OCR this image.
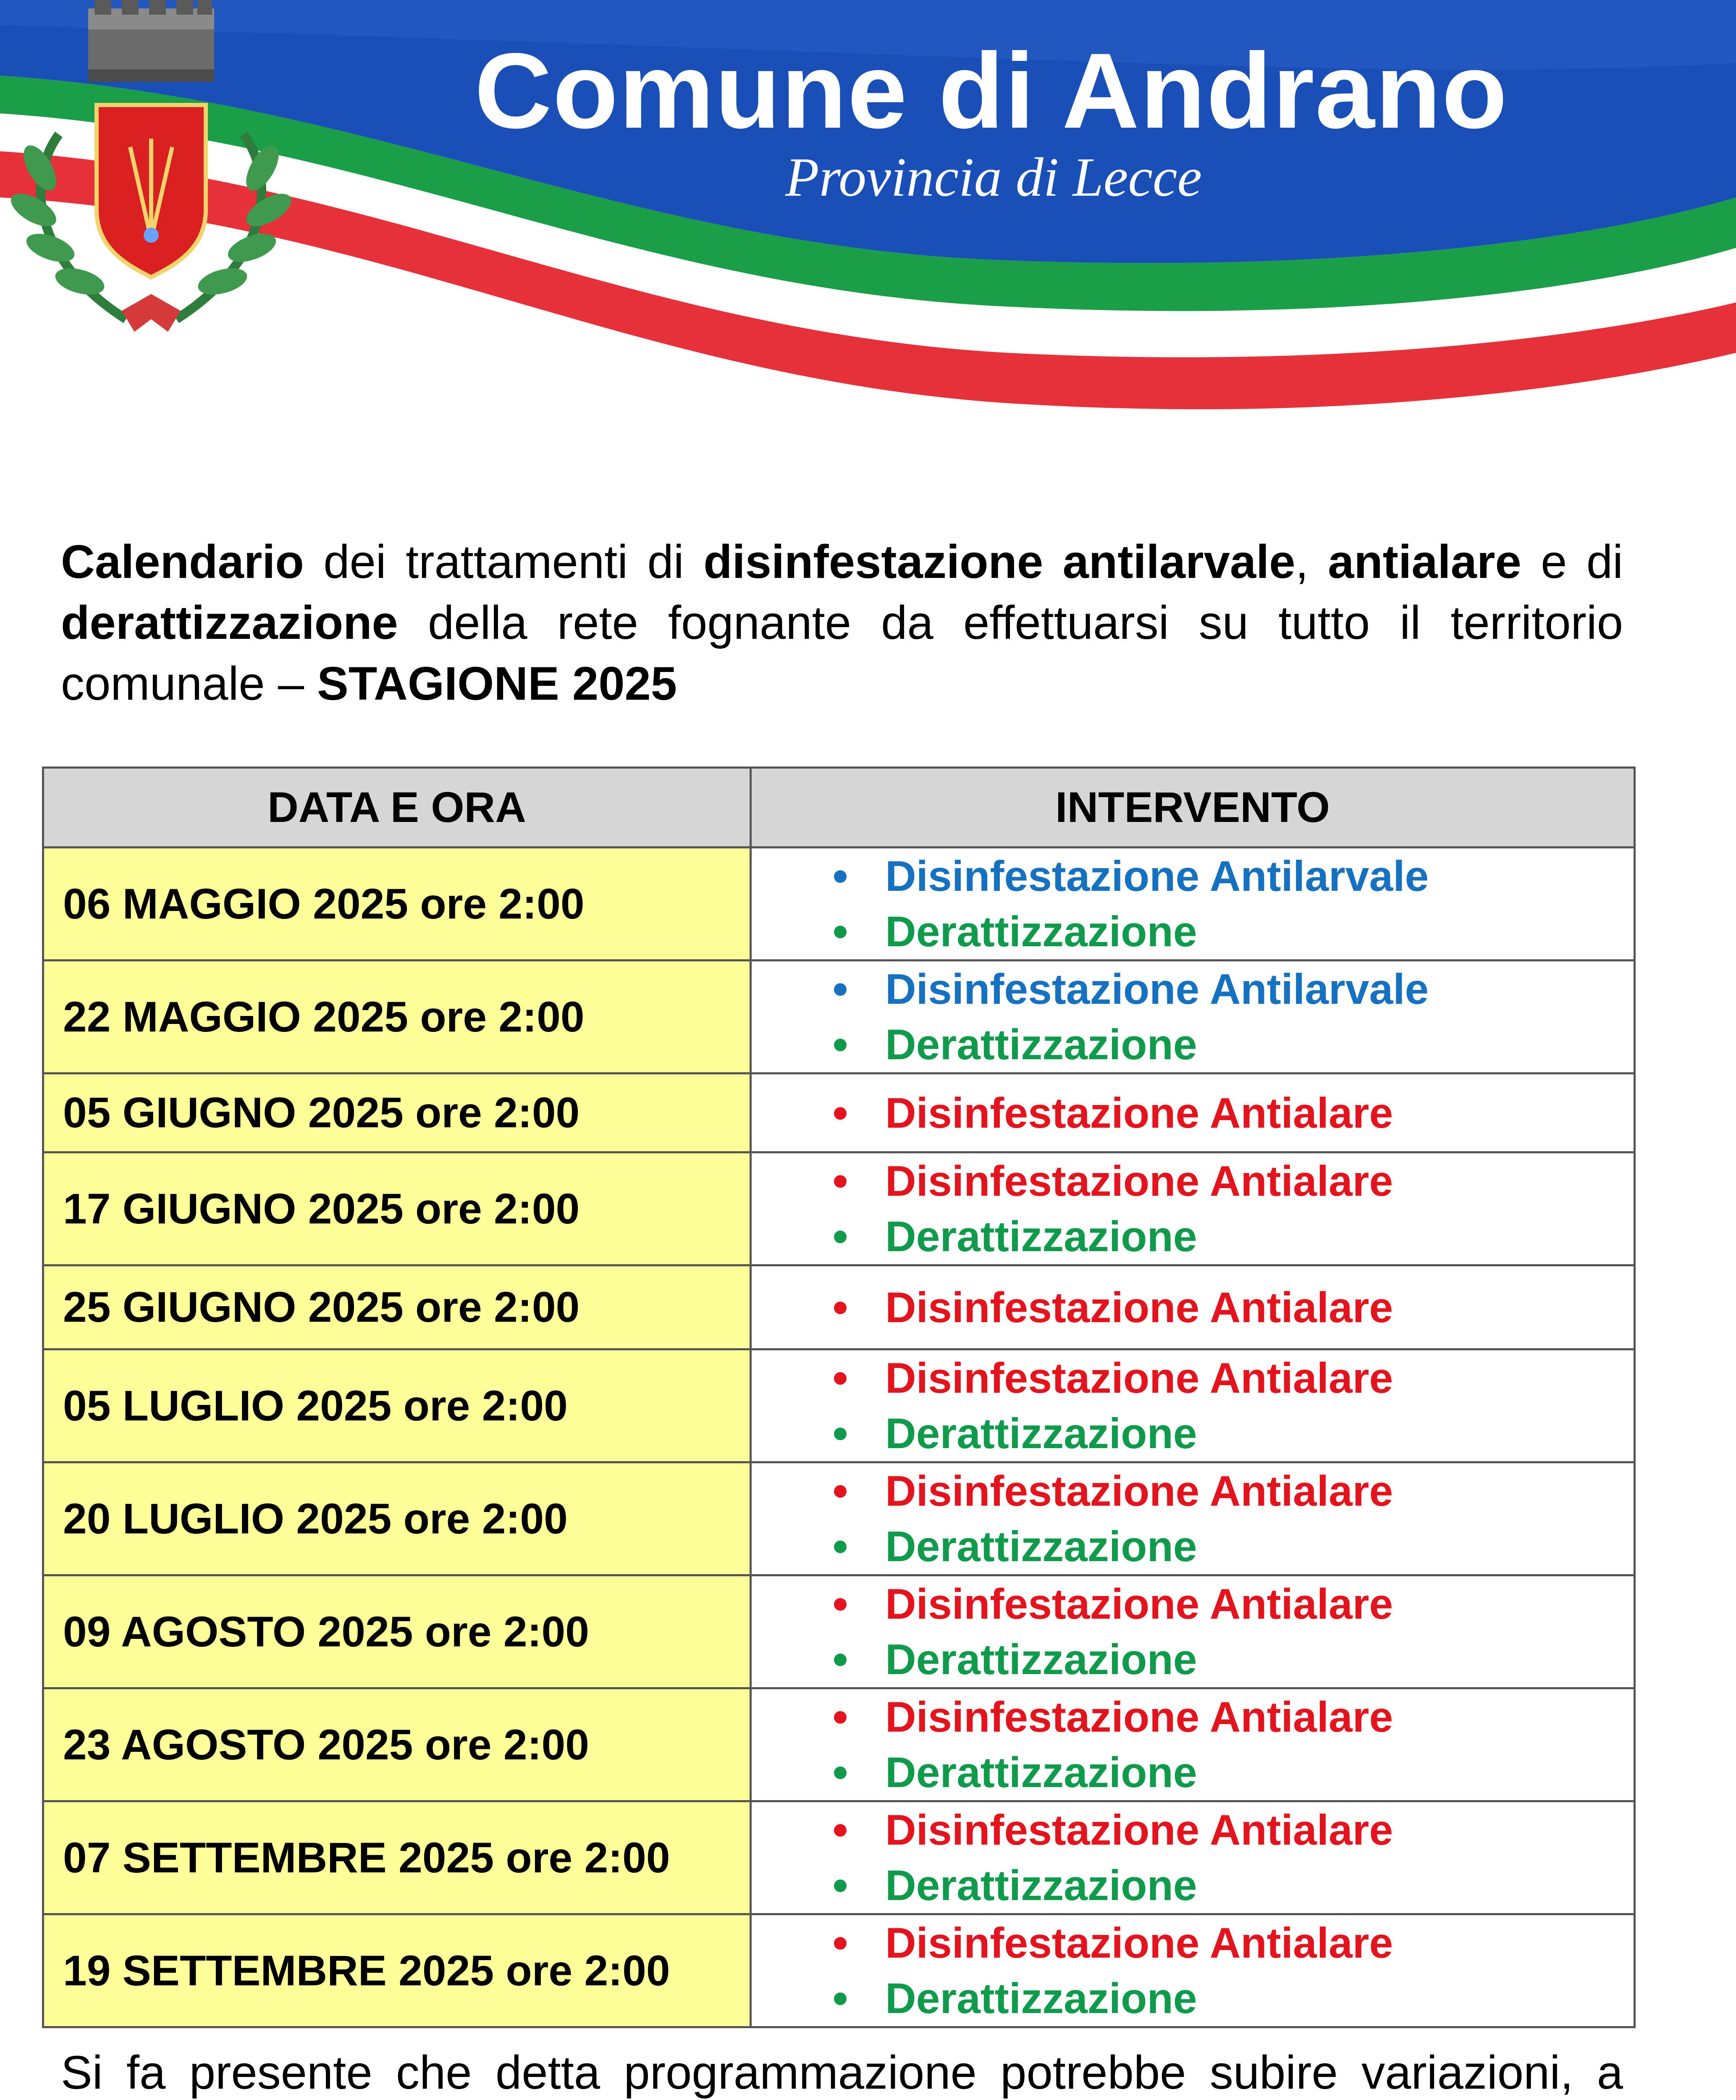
Comune di Andrano
Provincia di Lecce
Calendario dei trattamenti di disinfestazione antilarvale, antialare e di derattizzazione della rete fognante da effettuarsi su tutto il territorio comunale – STAGIONE 2025
DATA E ORA	INTERVENTO
06 MAGGIO 2025 ore 2:00	Disinfestazione Antilarvale
Derattizzazione

22 MAGGIO 2025 ore 2:00	Disinfestazione Antilarvale
Derattizzazione

05 GIUGNO 2025 ore 2:00	Disinfestazione Antialare

17 GIUGNO 2025 ore 2:00	Disinfestazione Antialare
Derattizzazione

25 GIUGNO 2025 ore 2:00	Disinfestazione Antialare

05 LUGLIO 2025 ore 2:00	Disinfestazione Antialare
Derattizzazione

20 LUGLIO 2025 ore 2:00	Disinfestazione Antialare
Derattizzazione

09 AGOSTO 2025 ore 2:00	Disinfestazione Antialare
Derattizzazione

23 AGOSTO 2025 ore 2:00	Disinfestazione Antialare
Derattizzazione

07 SETTEMBRE 2025 ore 2:00	Disinfestazione Antialare
Derattizzazione

19 SETTEMBRE 2025 ore 2:00	Disinfestazione Antialare
Derattizzazione
Si fa presente che detta programmazione potrebbe subire variazioni, a
